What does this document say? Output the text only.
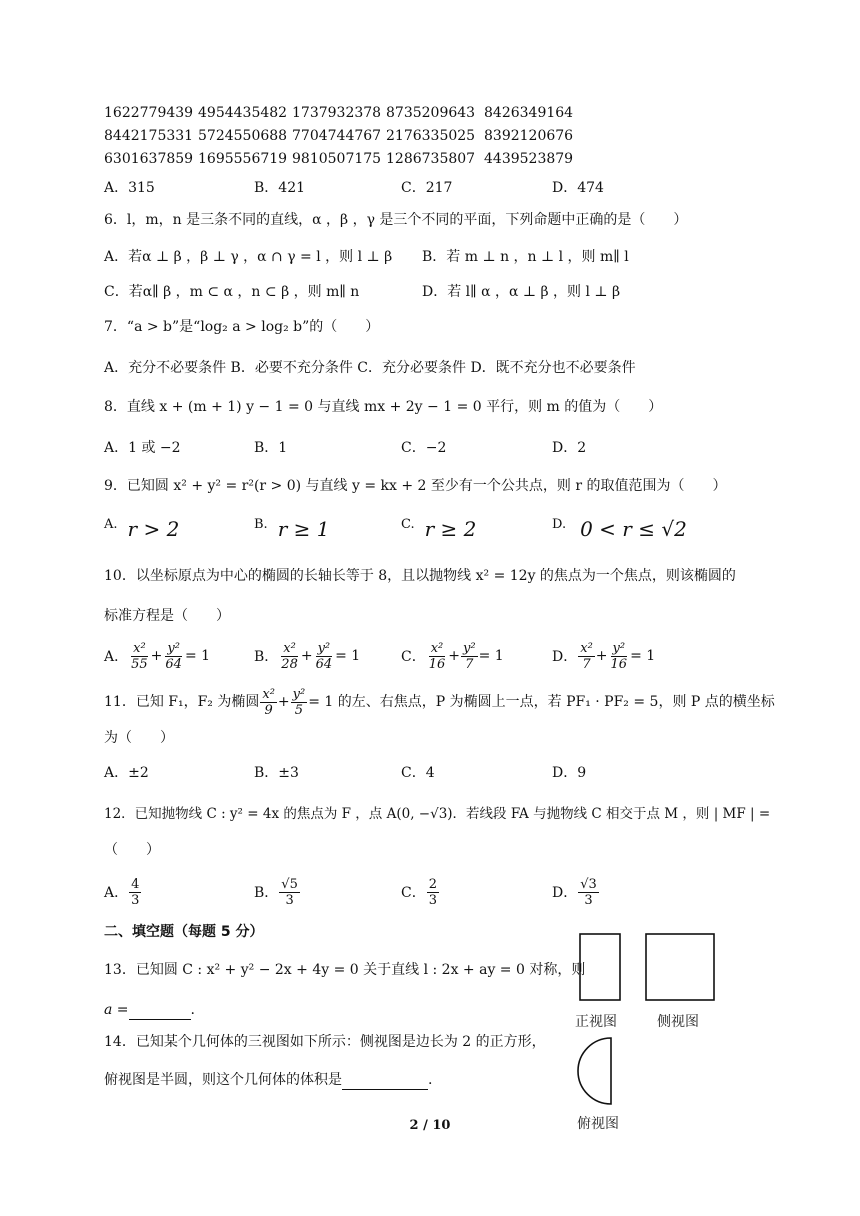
1622779439 4954435482 1737932378 8735209643 8426349164
8442175331 5724550688 7704744767 2176335025 8392120676
6301637859 1695556719 9810507175 1286735807 4439523879
A．315	B．421	C．217	D．474
6．l，m，n 是三条不同的直线，α ，β ，γ 是三个不同的平面，下列命题中正确的是（　　）
A．若α ⊥ β ，β ⊥ γ ，α ∩ γ = l ，则 l ⊥ β B．若 m ⊥ n ，n ⊥ l ，则 m∥ l
C．若α∥ β ，m ⊂ α ，n ⊂ β ，则 m∥ n	D．若 l∥ α ，α ⊥ β ，则 l ⊥ β
7．“a > b”是“log₂ a > log₂ b”的（　　）
A．充分不必要条件 B．必要不充分条件 C．充分必要条件 D．既不充分也不必要条件
8．直线 x + (m + 1) y − 1 = 0 与直线 mx + 2y − 1 = 0 平行，则 m 的值为（　　）
A．1 或 −2	B．1	C．−2	D．2
9．已知圆 x² + y² = r²(r > 0) 与直线 y = kx + 2 至少有一个公共点，则 r 的取值范围为（　　）
A. r > 2	B. r ≥ 1	C. r ≥ 2	D. 0 < r ≤ √2
10．以坐标原点为中心的椭圆的长轴长等于 8，且以抛物线 x² = 12y 的焦点为一个焦点，则该椭圆的
标准方程是（　　）
A． $\frac{\text{x²}}{55} + \frac{\text{y²}}{64} = 1$	B． $\frac{\text{x²}}{28} + \frac{\text{y²}}{64} = 1$	C． $\frac{\text{x²}}{16} + \frac{\text{y²}}{7} = 1$	D． $\frac{\text{x²}}{7} + \frac{\text{y²}}{16} = 1$
11．已知 F₁，F₂ 为椭圆 $\frac{\text{x²}}{9} + \frac{\text{y²}}{5} = 1$ 的左、右焦点，P 为椭圆上一点，若 PF₁ · PF₂ = 5，则 P 点的横坐标
为（　　）
A．±2	B．±3	C．4	D．9
12．已知抛物线 C : y² = 4x 的焦点为 F ，点 A(0, −√3)．若线段 FA 与抛物线 C 相交于点 M ，则 | MF | =
（　　）
A． $\frac{4}{3}$	B． $\frac{√5}{3}$	C． $\frac{2}{3}$	D． $\frac{√3}{3}$
二、填空题（每题 5 分）
13．已知圆 C : x² + y² − 2x + 4y = 0 关于直线 l : 2x + ay = 0 对称，则
a =	.
14．已知某个几何体的三视图如下所示：侧视图是边长为 2 的正方形，
俯视图是半圆，则这个几何体的体积是	.
正视图	侧视图
俯视图
2 / 10
